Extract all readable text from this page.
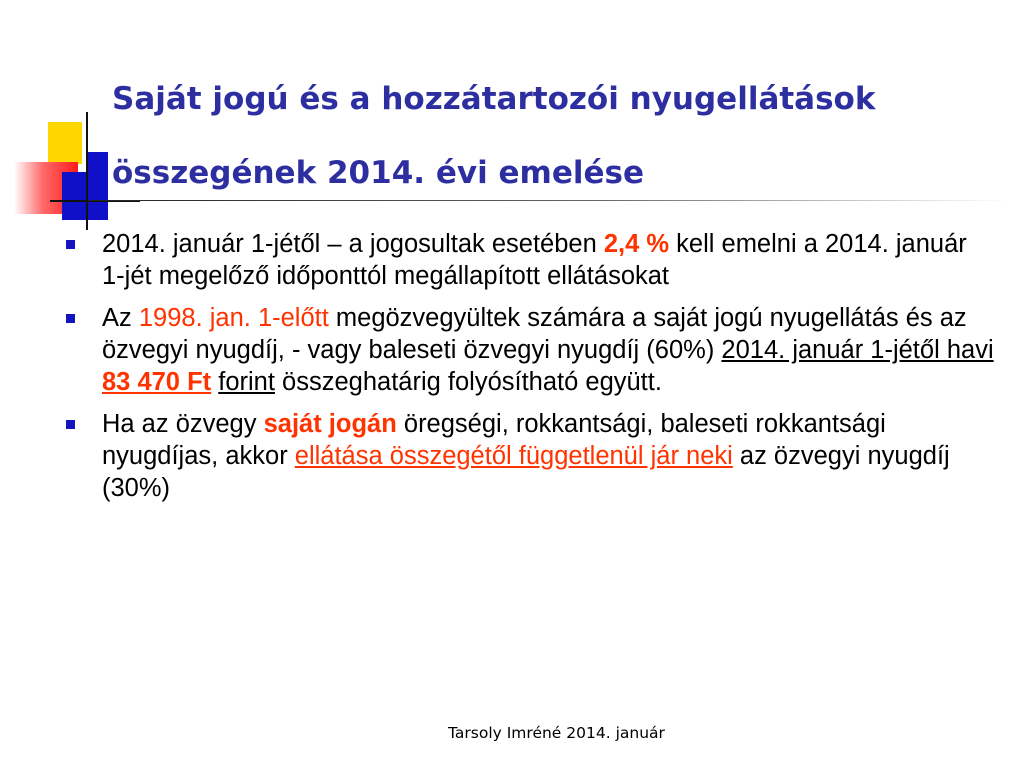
Saját jogú és a hozzátartozói nyugellátások
összegének 2014. évi emelése
2014. január 1-jétől – a jogosultak esetében 2,4 % kell emelni a 2014. január 1-jét megelőző időponttól megállapított ellátásokat
Az 1998. jan. 1-előtt megözvegyültek számára a saját jogú nyugellátás és az özvegyi nyugdíj, - vagy baleseti özvegyi nyugdíj (60%) 2014. január 1-jétől havi 83 470 Ft forint összeghatárig folyósítható együtt.
Ha az özvegy saját jogán öregségi, rokkantsági, baleseti rokkantsági nyugdíjas, akkor ellátása összegétől függetlenül jár neki az özvegyi nyugdíj (30%)
Tarsoly Imréné 2014. január
